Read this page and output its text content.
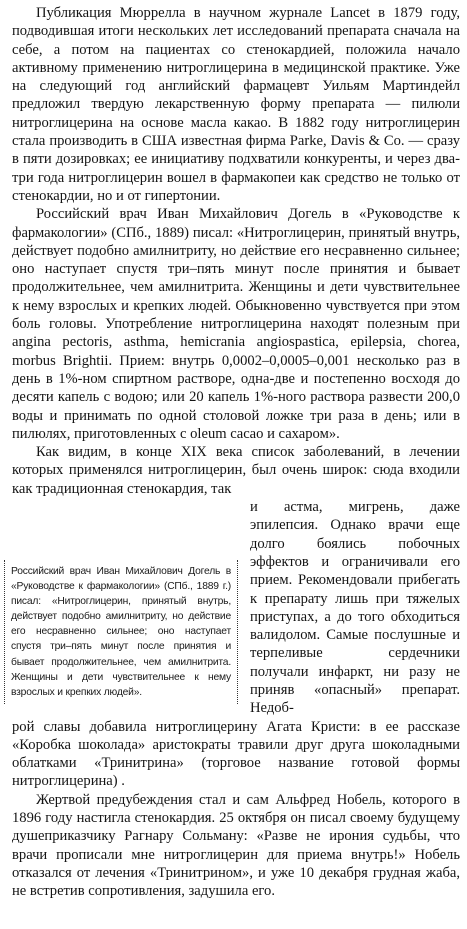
Публикация Мюррелла в научном журнале Lancet в 1879 году, подводившая итоги нескольких лет исследований препарата сначала на себе, а потом на пациентах со стенокардией, положила начало активному применению нитроглицерина в медицинской практике. Уже на следующий год английский фармацевт Уильям Мартиндейл предложил твердую лекарственную форму препарата — пилюли нитроглицерина на основе масла какао. В 1882 году нитроглицерин стала производить в США известная фирма Parke, Davis & Co. — сразу в пяти дозировках; ее инициативу подхватили конкуренты, и через два-три года нитроглицерин вошел в фармакопеи как средство не только от стенокардии, но и от гипертонии.

Российский врач Иван Михайлович Догель в «Руководстве к фармакологии» (СПб., 1889) писал: «Нитроглицерин, принятый внутрь, действует подобно амилнитриту, но действие его несравненно сильнее; оно наступает спустя три–пять минут после принятия и бывает продолжительнее, чем амилнитрита. Женщины и дети чувствительнее к нему взрослых и крепких людей. Обыкновенно чувствуется при этом боль головы. Употребление нитроглицерина находят полезным при angina pectoris, asthma, hemicrania angiospastica, epilepsia, chorea, morbus Brightii. Прием: внутрь 0,0002–0,0005–0,001 несколько раз в день в 1%-ном спиртном растворе, одна-две и постепенно восходя до десяти капель с водою; или 20 капель 1%-ного раствора развести 200,0 воды и принимать по одной столовой ложке три раза в день; или в пилюлях, приготовленных с oleum cacao и сахаром».

Как видим, в конце XIX века список заболеваний, в лечении которых применялся нитроглицерин, был очень широк: сюда входили как традиционная стенокардия, так

и астма, мигрень, даже эпилепсия. Однако врачи еще долго боялись побочных эффектов и ограничивали его прием. Рекомендовали прибегать к препарату лишь при тяжелых приступах, а до того обходиться валидолом. Самые послушные и терпеливые сердечники получали инфаркт, ни разу не приняв «опасный» препарат. Недоб-

рой славы добавила нитроглицерину Агата Кристи: в ее рассказе «Коробка шоколада» аристократы травили друг друга шоколадными облатками «Тринитрина» (торговое название готовой формы нитроглицерина) .

Жертвой предубеждения стал и сам Альфред Нобель, которого в 1896 году настигла стенокардия. 25 октября он писал своему будущему душеприказчику Рагнару Сольману: «Разве не ирония судьбы, что врачи прописали мне нитроглицерин для приема внутрь!» Нобель отказался от лечения «Тринитрином», и уже 10 декабря грудная жаба, не встретив сопротивления, задушила его.

Российский врач Иван Михайлович Догель в «Руководстве к фармакологии» (СПб., 1889 г.) писал: «Нитроглицерин, принятый внутрь, действует подобно амилнитриту, но действие его несравненно сильнее; оно наступает спустя три–пять минут после принятия и бывает продолжительнее, чем амилнитрита. Женщины и дети чувствительнее к нему взрослых и крепких людей».
